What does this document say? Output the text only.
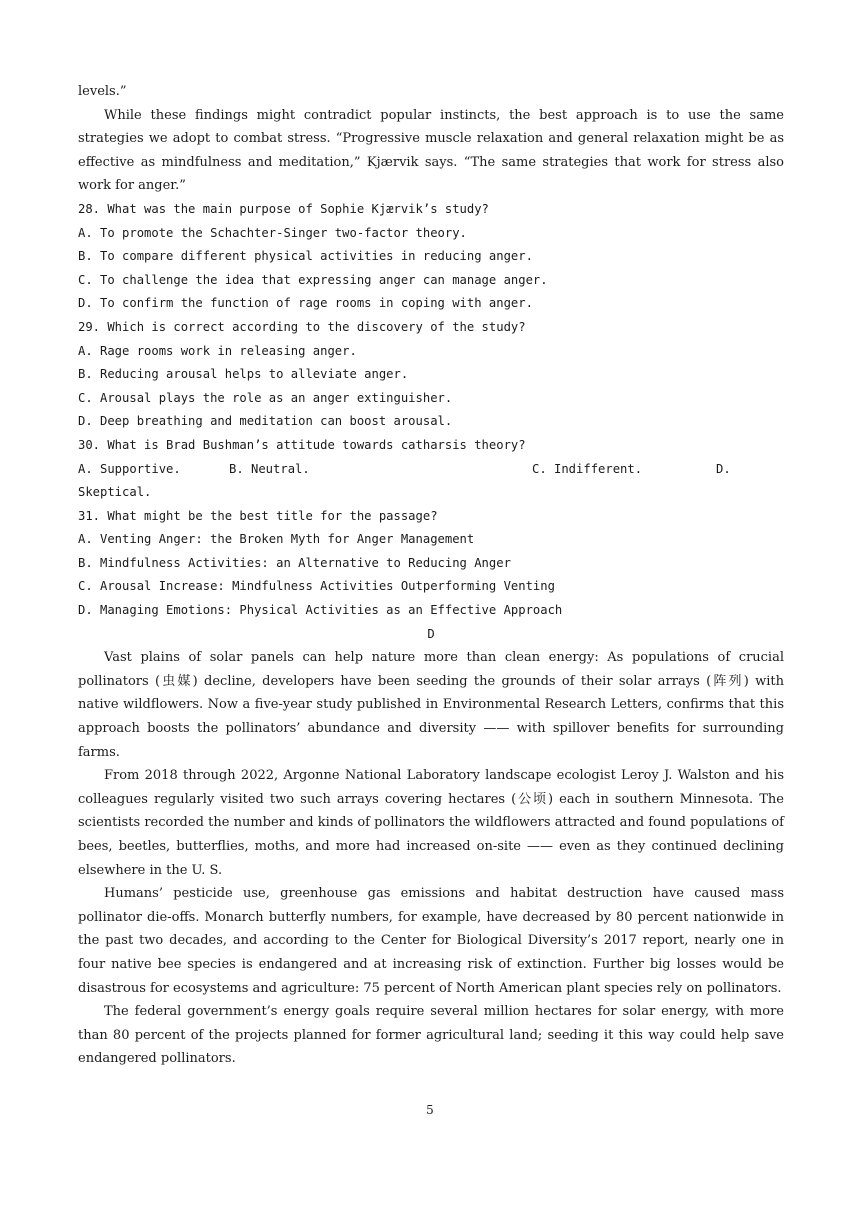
levels.”

While these findings might contradict popular instincts, the best approach is to use the same strategies we adopt to combat stress. “Progressive muscle relaxation and general relaxation might be as effective as mindfulness and meditation,” Kjærvik says. “The same strategies that work for stress also work for anger.”

28. What was the main purpose of Sophie Kjærvik’s study?

A. To promote the Schachter-Singer two-factor theory.

B. To compare different physical activities in reducing anger.

C. To challenge the idea that expressing anger can manage anger.

D. To confirm the function of rage rooms in coping with anger.

29. Which is correct according to the discovery of the study?

A. Rage rooms work in releasing anger.

B. Reducing arousal helps to alleviate anger.

C. Arousal plays the role as an anger extinguisher.

D. Deep breathing and meditation can boost arousal.

30. What is Brad Bushman’s attitude towards catharsis theory?

A. Supportive.	B. Neutral.	C. Indifferent.	D.

Skeptical.

31. What might be the best title for the passage?

A. Venting Anger: the Broken Myth for Anger Management

B. Mindfulness Activities: an Alternative to Reducing Anger

C. Arousal Increase: Mindfulness Activities Outperforming Venting

D. Managing Emotions: Physical Activities as an Effective Approach

D

Vast plains of solar panels can help nature more than clean energy: As populations of crucial pollinators (虫媒) decline, developers have been seeding the grounds of their solar arrays (阵列) with native wildflowers. Now a five-year study published in Environmental Research Letters, confirms that this approach boosts the pollinators’ abundance and diversity —— with spillover benefits for surrounding farms.

From 2018 through 2022, Argonne National Laboratory landscape ecologist Leroy J. Walston and his colleagues regularly visited two such arrays covering hectares (公顷) each in southern Minnesota. The scientists recorded the number and kinds of pollinators the wildflowers attracted and found populations of bees, beetles, butterflies, moths, and more had increased on-site —— even as they continued declining elsewhere in the U. S.

Humans’ pesticide use, greenhouse gas emissions and habitat destruction have caused mass pollinator die-offs. Monarch butterfly numbers, for example, have decreased by 80 percent nationwide in the past two decades, and according to the Center for Biological Diversity’s 2017 report, nearly one in four native bee species is endangered and at increasing risk of extinction. Further big losses would be disastrous for ecosystems and agriculture: 75 percent of North American plant species rely on pollinators.

The federal government’s energy goals require several million hectares for solar energy, with more than 80 percent of the projects planned for former agricultural land; seeding it this way could help save endangered pollinators.

5
